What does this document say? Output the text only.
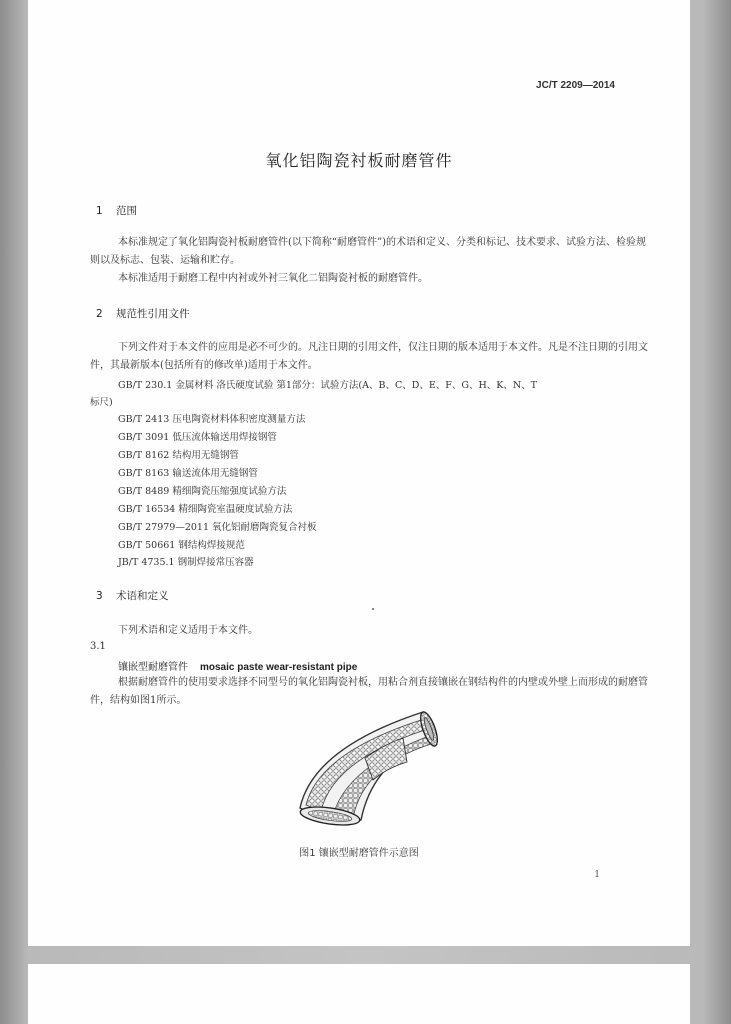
JC/T 2209—2014
氧化铝陶瓷衬板耐磨管件
1 范围
本标准规定了氧化铝陶瓷衬板耐磨管件(以下简称“耐磨管件”)的术语和定义、分类和标记、技术要求、试验方法、检验规则以及标志、包装、运输和贮存。
本标准适用于耐磨工程中内衬或外衬三氧化二铝陶瓷衬板的耐磨管件。
2 规范性引用文件
下列文件对于本文件的应用是必不可少的。凡注日期的引用文件，仅注日期的版本适用于本文件。凡是不注日期的引用文件，其最新版本(包括所有的修改单)适用于本文件。
GB/T 230.1 金属材料 洛氏硬度试验 第1部分：试验方法(A、B、C、D、E、F、G、H、K、N、T
标尺)
GB/T 2413 压电陶瓷材料体积密度测量方法
GB/T 3091 低压流体输送用焊接钢管
GB/T 8162 结构用无缝钢管
GB/T 8163 输送流体用无缝钢管
GB/T 8489 精细陶瓷压缩强度试验方法
GB/T 16534 精细陶瓷室温硬度试验方法
GB/T 27979—2011 氧化铝耐磨陶瓷复合衬板
GB/T 50661 钢结构焊接规范
JB/T 4735.1 钢制焊接常压容器
3 术语和定义
下列术语和定义适用于本文件。
3.1
镶嵌型耐磨管件 mosaic paste wear-resistant pipe
根据耐磨管件的使用要求选择不同型号的氧化铝陶瓷衬板，用粘合剂直接镶嵌在钢结构件的内壁或外壁上而形成的耐磨管件，结构如图1所示。
图1 镶嵌型耐磨管件示意图
1
